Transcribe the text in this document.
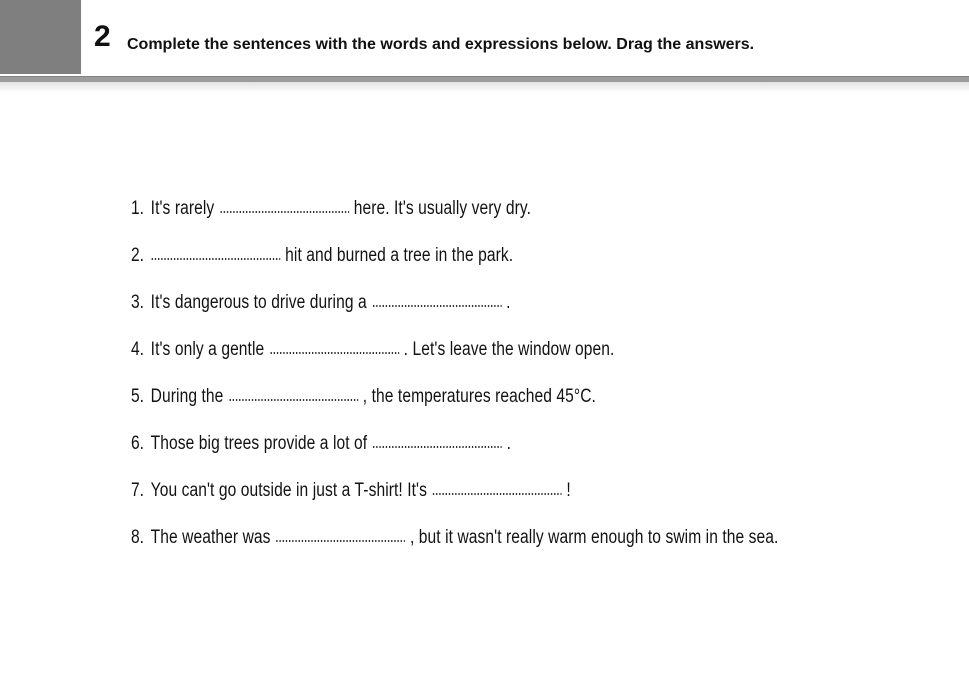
2 Complete the sentences with the words and expressions below. Drag the answers.
1. It's rarely	here. It's usually very dry.
2.	hit and burned a tree in the park.
3. It's dangerous to drive during a	.
4. It's only a gentle	. Let's leave the window open.
5. During the	, the temperatures reached 45°C.
6. Those big trees provide a lot of	.
7. You can't go outside in just a T-shirt! It's	!
8. The weather was	, but it wasn't really warm enough to swim in the sea.
